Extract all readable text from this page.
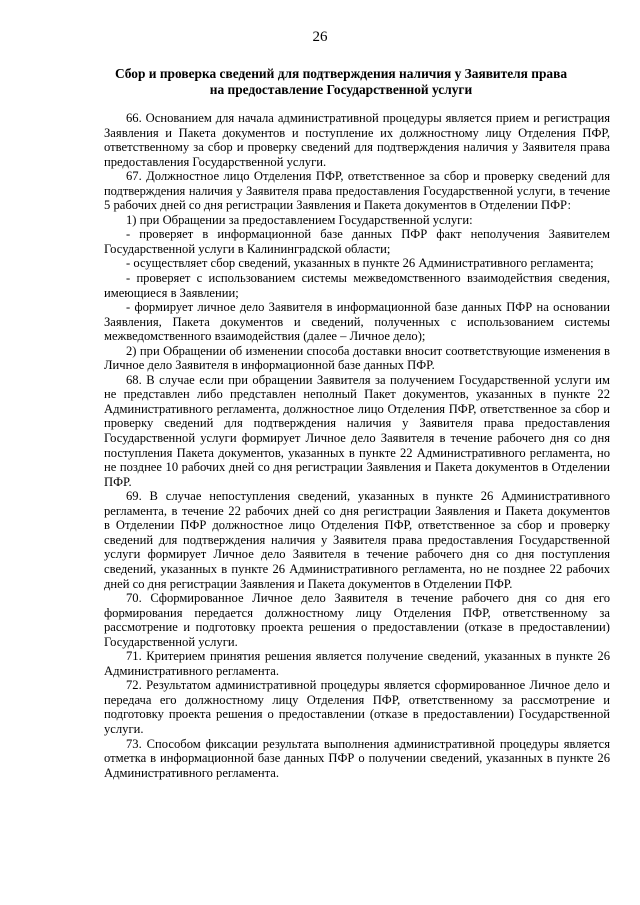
26
Сбор и проверка сведений для подтверждения наличия у Заявителя права
на предоставление Государственной услуги
66. Основанием для начала административной процедуры является прием и регистрация
Заявления и Пакета документов и поступление их должностному лицу Отделения ПФР,
ответственному за сбор и проверку сведений для подтверждения наличия у Заявителя права
предоставления Государственной услуги.
67. Должностное лицо Отделения ПФР, ответственное за сбор и проверку сведений для
подтверждения наличия у Заявителя права предоставления Государственной услуги, в течение
5 рабочих дней со дня регистрации Заявления и Пакета документов в Отделении ПФР:
1) при Обращении за предоставлением Государственной услуги:
- проверяет в информационной базе данных ПФР факт неполучения Заявителем
Государственной услуги в Калининградской области;
- осуществляет сбор сведений, указанных в пункте 26 Административного регламента;
- проверяет с использованием системы межведомственного взаимодействия сведения,
имеющиеся в Заявлении;
- формирует личное дело Заявителя в информационной базе данных ПФР на основании
Заявления, Пакета документов и сведений, полученных с использованием системы
межведомственного взаимодействия (далее – Личное дело);
2) при Обращении об изменении способа доставки вносит соответствующие изменения в
Личное дело Заявителя в информационной базе данных ПФР.
68. В случае если при обращении Заявителя за получением Государственной услуги им
не представлен либо представлен неполный Пакет документов, указанных в пункте 22
Административного регламента, должностное лицо Отделения ПФР, ответственное за сбор и
проверку сведений для подтверждения наличия у Заявителя права предоставления
Государственной услуги формирует Личное дело Заявителя в течение рабочего дня со дня
поступления Пакета документов, указанных в пункте 22 Административного регламента, но
не позднее 10 рабочих дней со дня регистрации Заявления и Пакета документов в Отделении
ПФР.
69. В случае непоступления сведений, указанных в пункте 26 Административного
регламента, в течение 22 рабочих дней со дня регистрации Заявления и Пакета документов
в Отделении ПФР должностное лицо Отделения ПФР, ответственное за сбор и проверку
сведений для подтверждения наличия у Заявителя права предоставления Государственной
услуги формирует Личное дело Заявителя в течение рабочего дня со дня поступления
сведений, указанных в пункте 26 Административного регламента, но не позднее 22 рабочих
дней со дня регистрации Заявления и Пакета документов в Отделении ПФР.
70. Сформированное Личное дело Заявителя в течение рабочего дня со дня его
формирования передается должностному лицу Отделения ПФР, ответственному за
рассмотрение и подготовку проекта решения о предоставлении (отказе в предоставлении)
Государственной услуги.
71. Критерием принятия решения является получение сведений, указанных в пункте 26
Административного регламента.
72. Результатом административной процедуры является сформированное Личное дело и
передача его должностному лицу Отделения ПФР, ответственному за рассмотрение и
подготовку проекта решения о предоставлении (отказе в предоставлении) Государственной
услуги.
73. Способом фиксации результата выполнения административной процедуры является
отметка в информационной базе данных ПФР о получении сведений, указанных в пункте 26
Административного регламента.
